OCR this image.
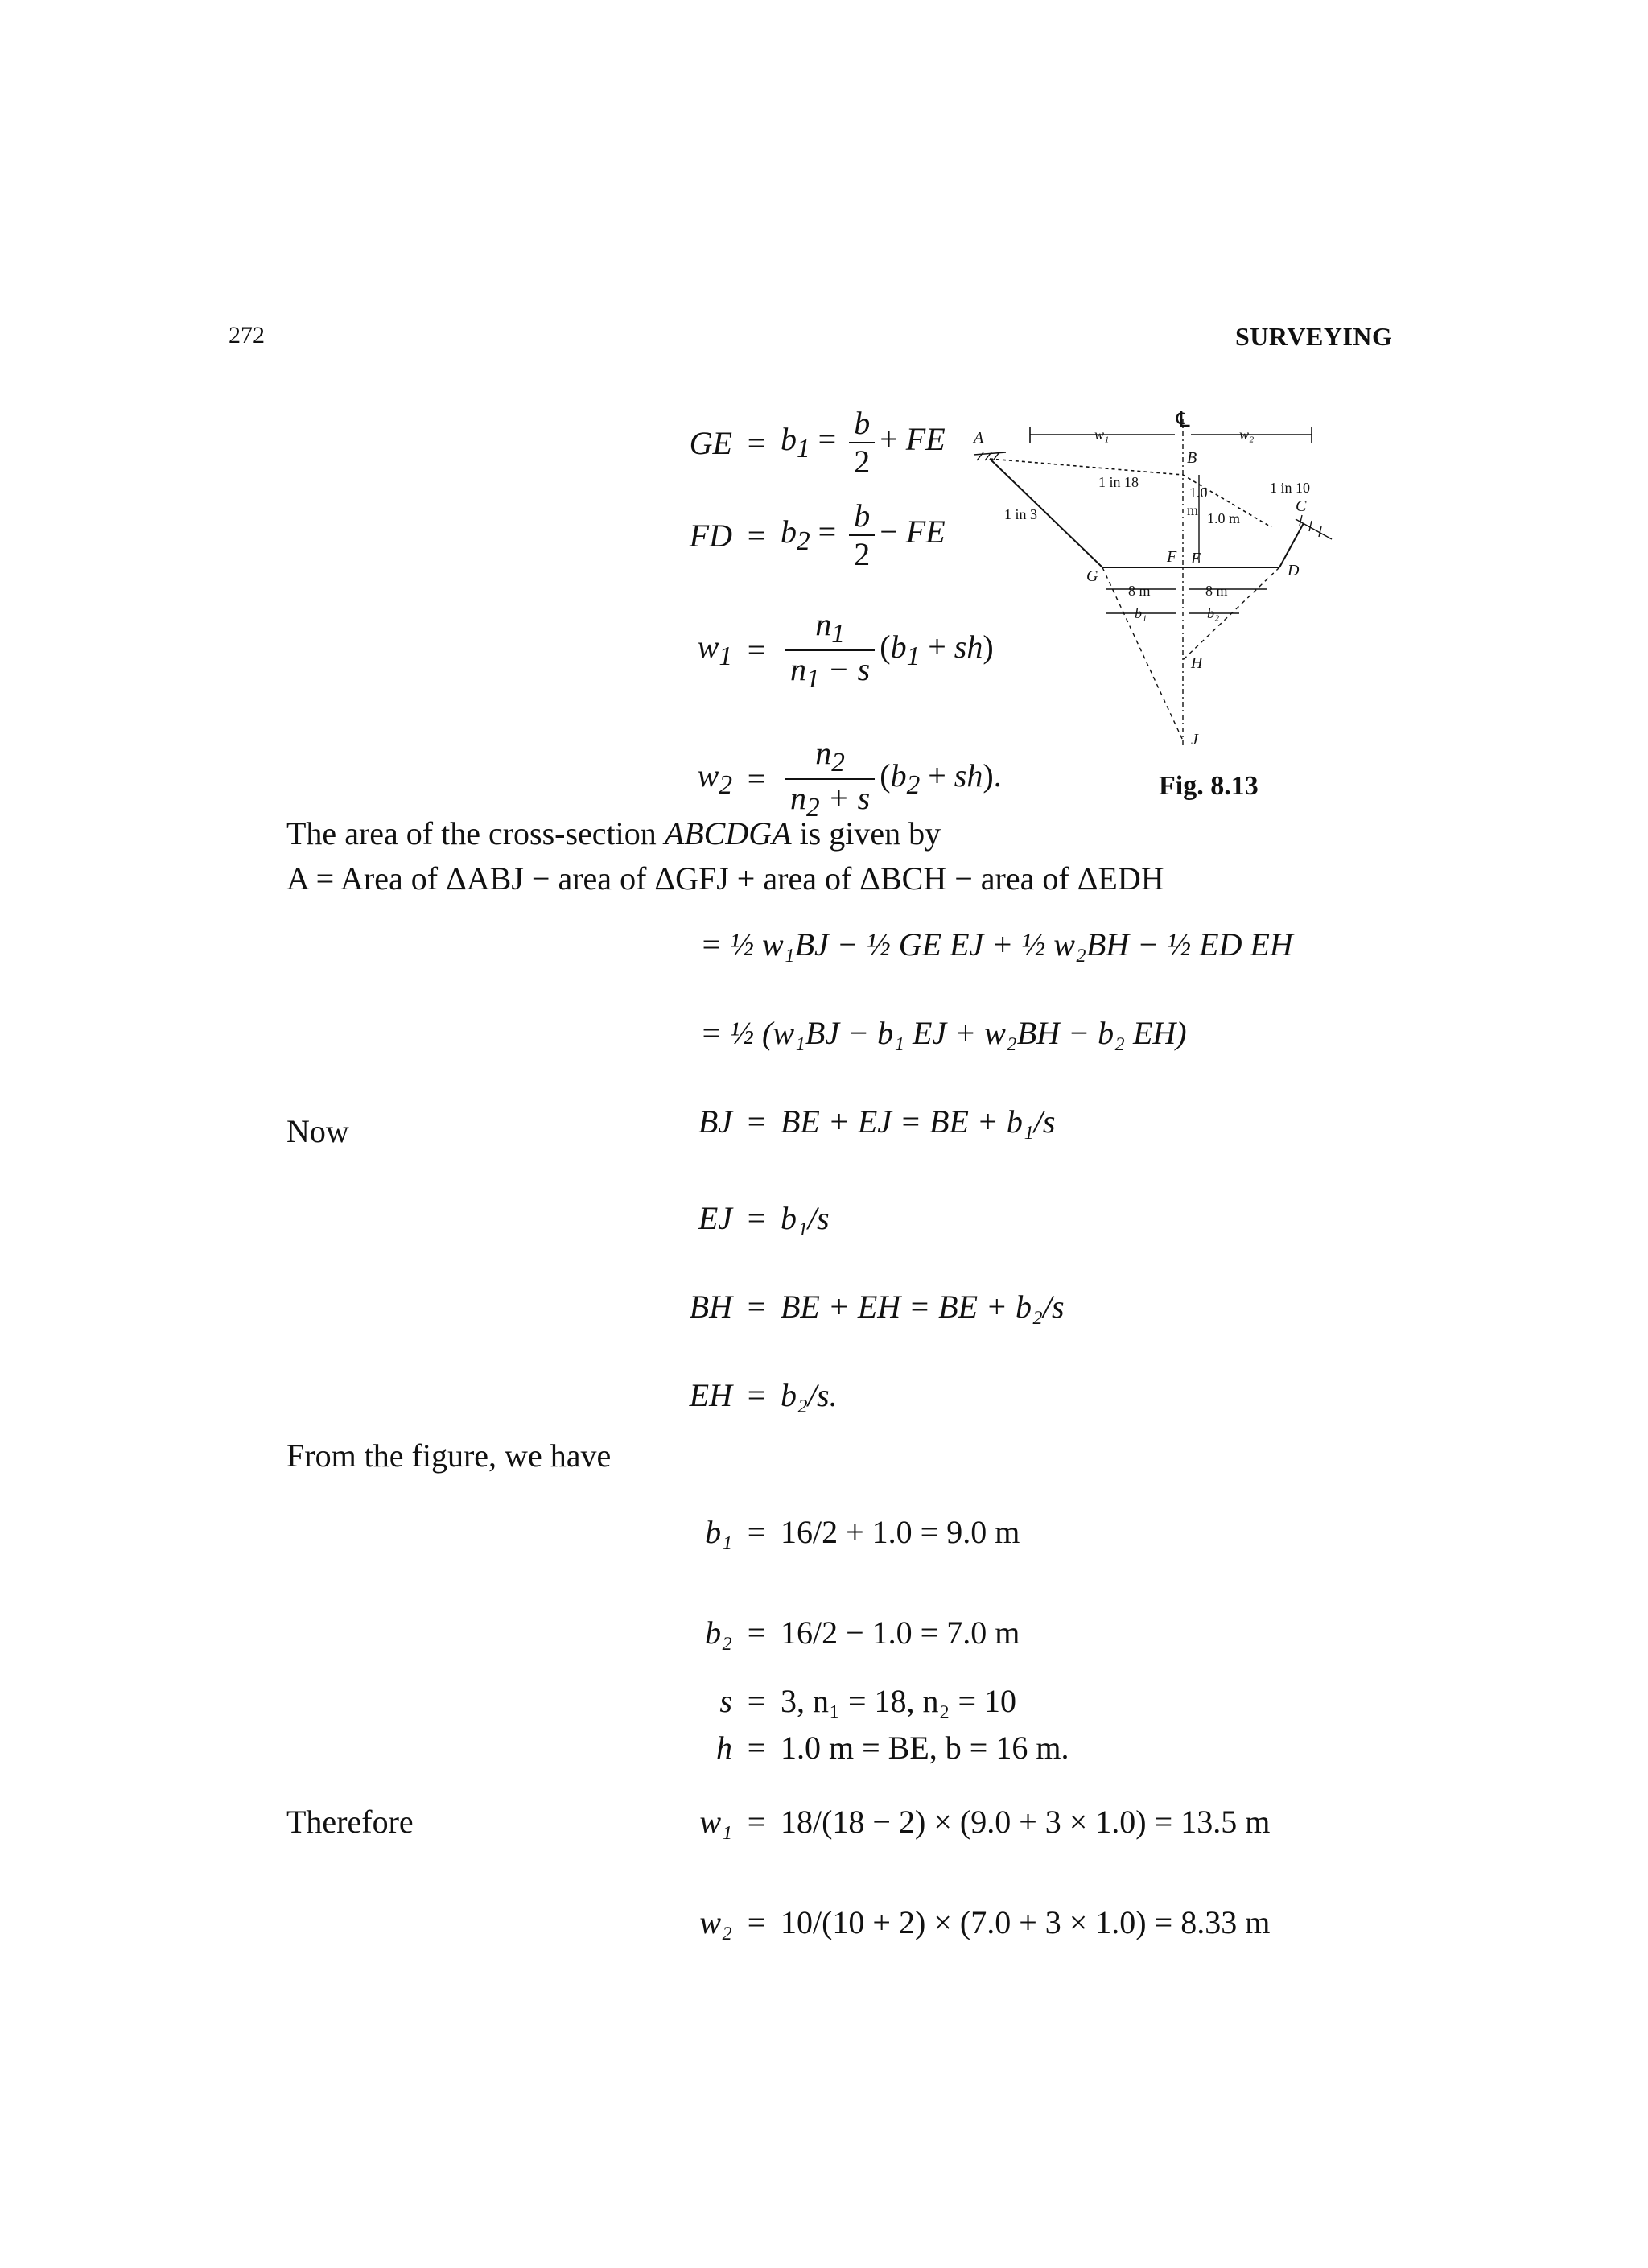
272	SURVEYING
GE = $b_1 = \frac{b}{2}$ + FE
FD = $b_2 = \frac{b}{2}$ − FE
$w_1 = \frac{n_1}{n_1 - s} (b_1 + sh)$
$w_2 = \frac{n_2}{n_2 + s} (b_2 + sh)$.
A
B
C
D
E
F
G
H
J
℄
w₁	w₂
1 in 18	1 in 10
1 in 3
1.0
m 1.0 m
8 m	8 m
b₁	b₂
Fig. 8.13
The area of the cross-section ABCDGA is given by
A = Area of ΔABJ − area of ΔGFJ + area of ΔBCH − area of ΔEDH
= ½ w₁BJ − ½ GE EJ + ½ w₂BH − ½ ED EH
= ½ (w₁BJ − b₁ EJ + w₂BH − b₂ EH)
Now	BJ = BE + EJ = BE + b₁/s
EJ = b₁/s
BH = BE + EH = BE + b₂/s
EH = b₂/s.
From the figure, we have
b₁ = 16/2 + 1.0 = 9.0 m
b₂ = 16/2 − 1.0 = 7.0 m
s = 3, n₁ = 18, n₂ = 10
h = 1.0 m = BE, b = 16 m.
Therefore	w₁ = 18/(18 − 2) × (9.0 + 3 × 1.0) = 13.5 m
w₂ = 10/(10 + 2) × (7.0 + 3 × 1.0) = 8.33 m
